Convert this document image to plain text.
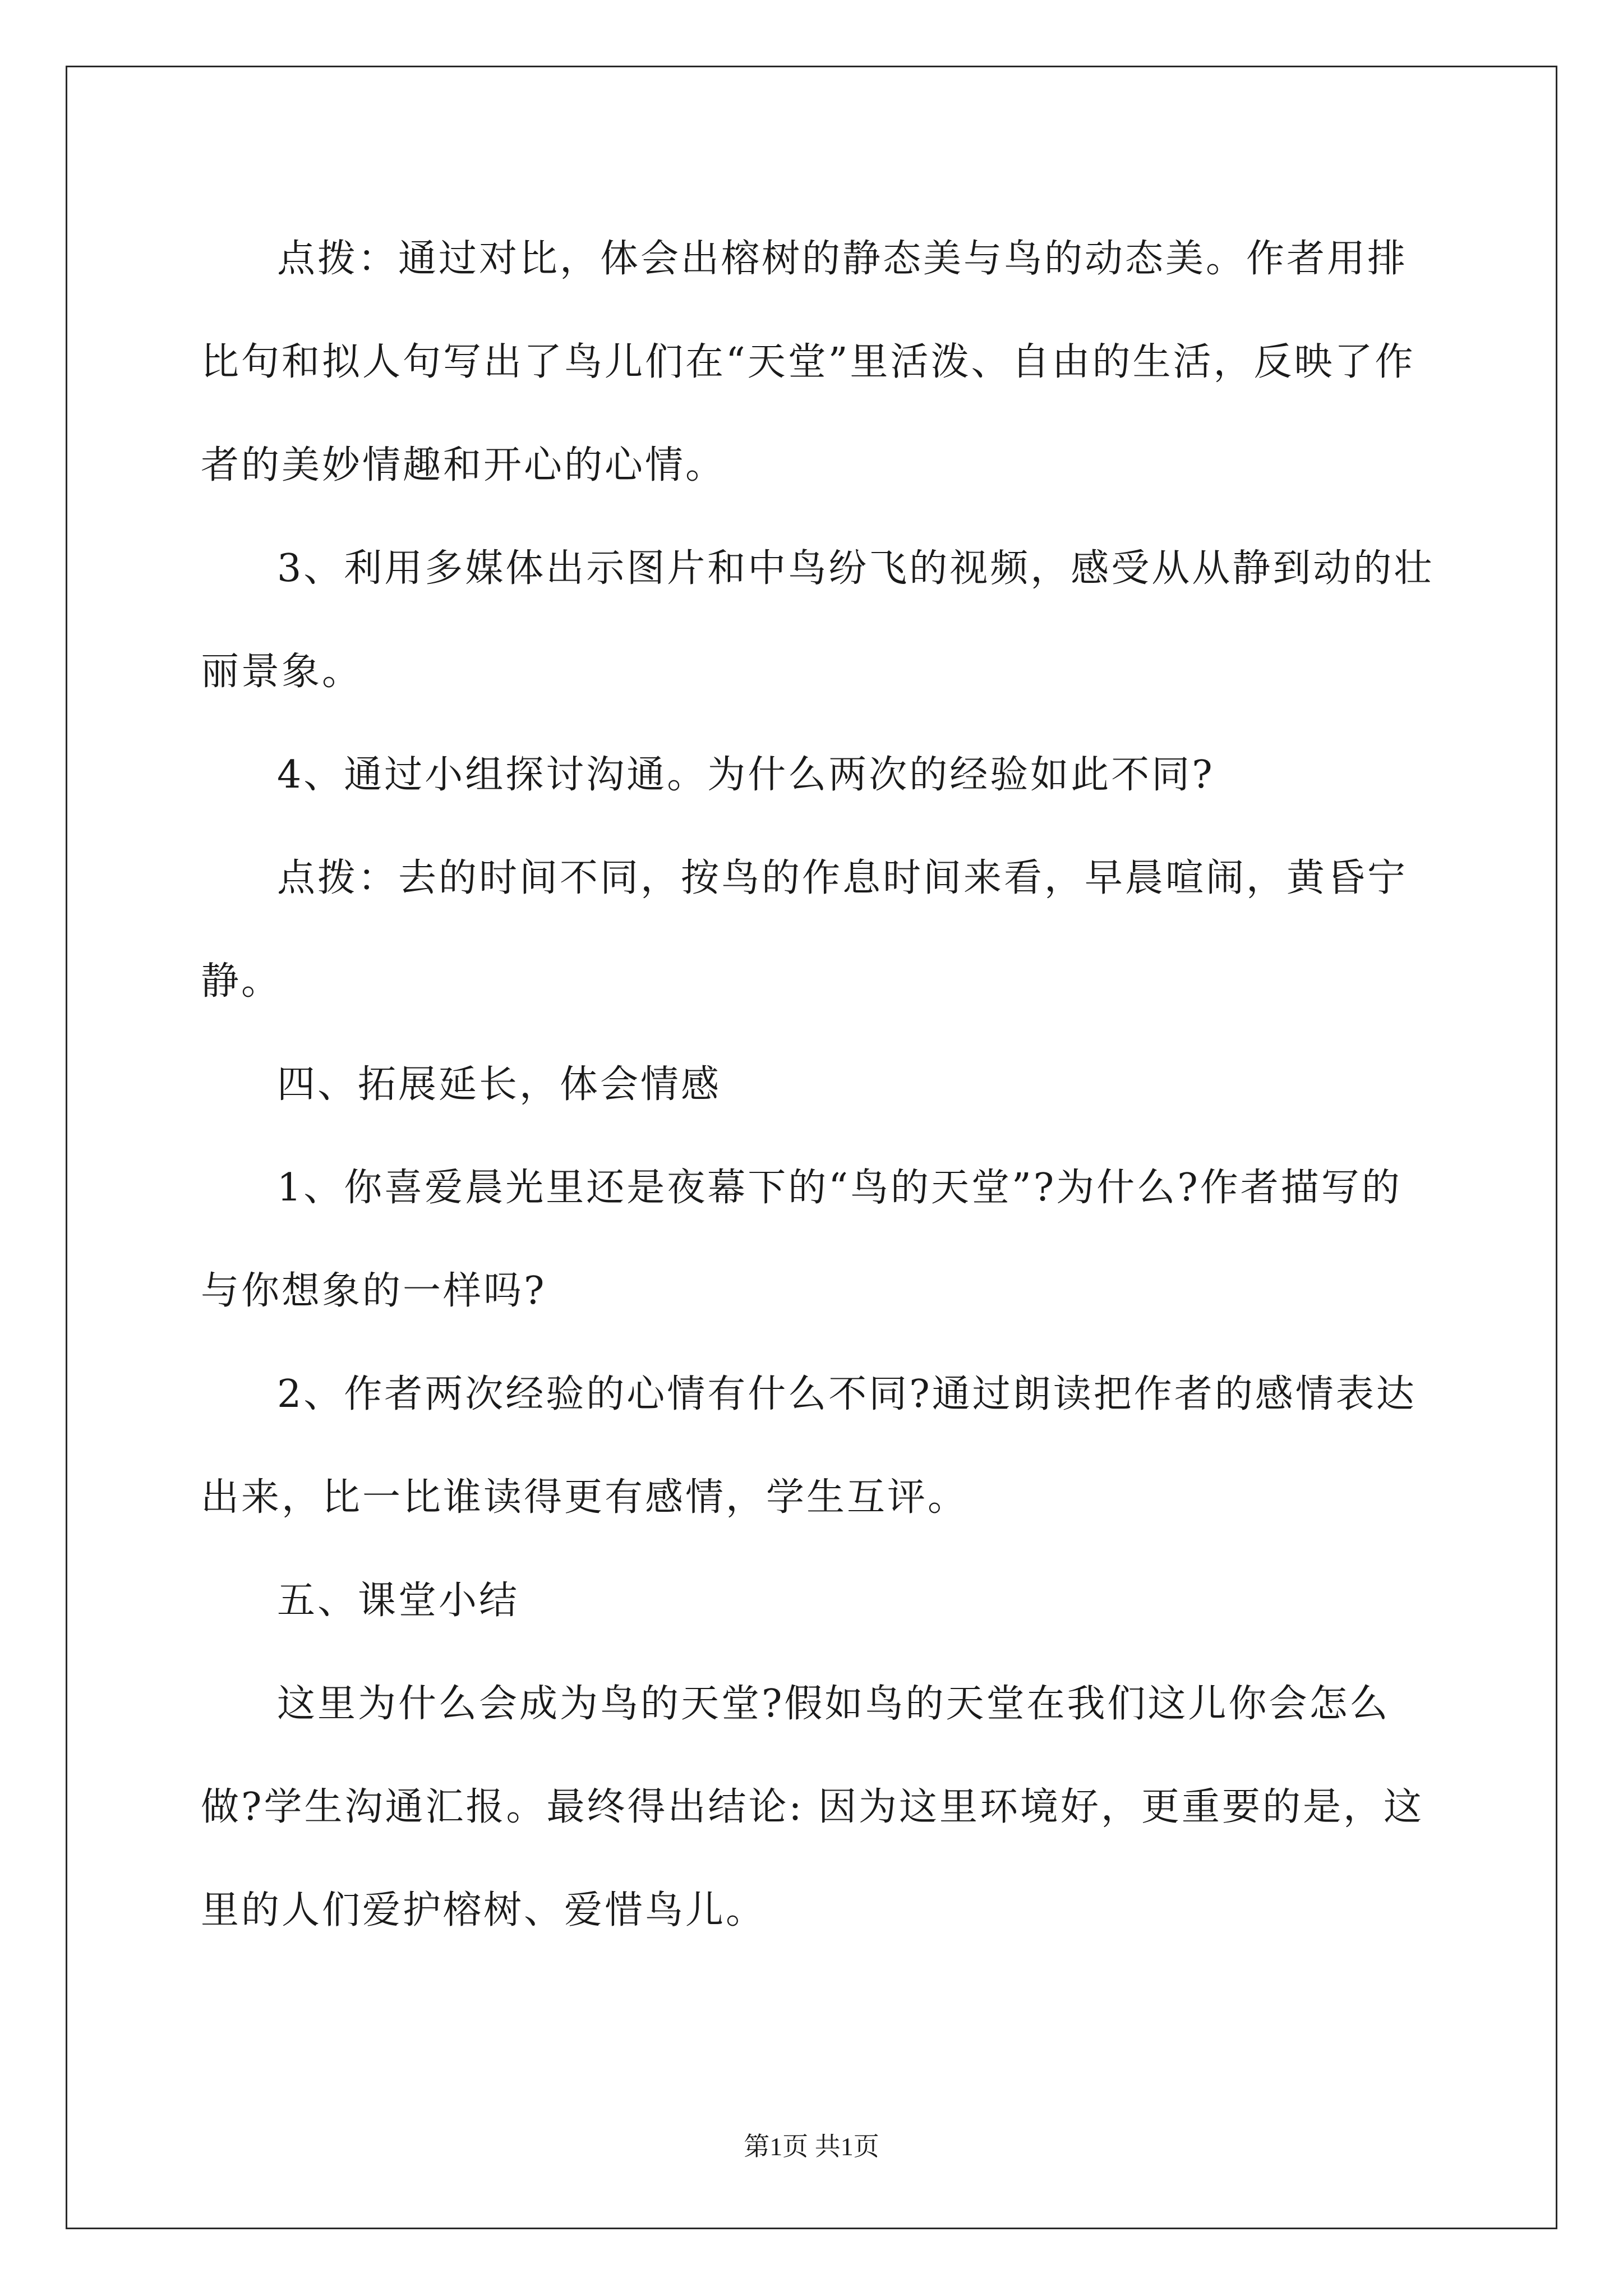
点拨：通过对比，体会出榕树的静态美与鸟的动态美。作者用排比句和拟人句写出了鸟儿们在“天堂”里活泼、自由的生活，反映了作者的美妙情趣和开心的心情。

3、利用多媒体出示图片和中鸟纷飞的视频，感受从从静到动的壮丽景象。

4、通过小组探讨沟通。为什么两次的经验如此不同?

点拨：去的时间不同，按鸟的作息时间来看，早晨喧闹，黄昏宁静。

四、拓展延长，体会情感

1、你喜爱晨光里还是夜幕下的“鸟的天堂”?为什么?作者描写的与你想象的一样吗?

2、作者两次经验的心情有什么不同?通过朗读把作者的感情表达出来，比一比谁读得更有感情，学生互评。

五、课堂小结

这里为什么会成为鸟的天堂?假如鸟的天堂在我们这儿你会怎么做?学生沟通汇报。最终得出结论: 因为这里环境好，更重要的是，这里的人们爱护榕树、爱惜鸟儿。

第1页 共1页
